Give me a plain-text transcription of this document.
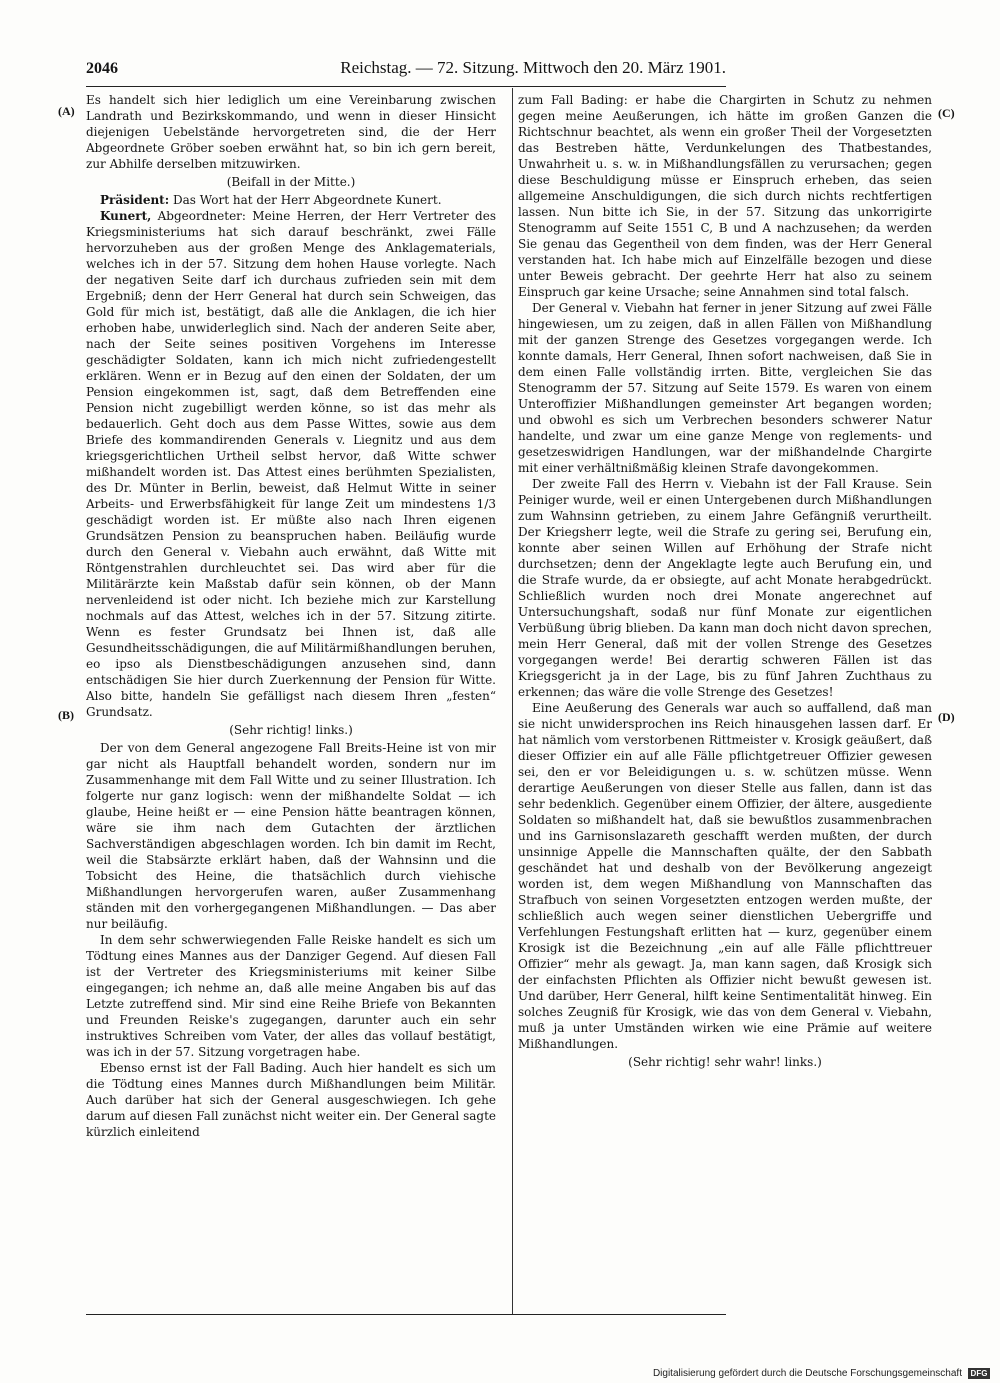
2046	Reichstag. — 72. Sitzung. Mittwoch den 20. März 1901.
(A)
(B)
(C)
(D)

Es handelt sich hier lediglich um eine Vereinbarung zwischen Landrath und Bezirkskommando, und wenn in dieser Hinsicht diejenigen Uebelstände hervorgetreten sind, die der Herr Abgeordnete Gröber soeben erwähnt hat, so bin ich gern bereit, zur Abhilfe derselben mitzuwirken.

(Beifall in der Mitte.)

Präsident: Das Wort hat der Herr Abgeordnete Kunert.

Kunert, Abgeordneter: Meine Herren, der Herr Vertreter des Kriegsministeriums hat sich darauf beschränkt, zwei Fälle hervorzuheben aus der großen Menge des Anklagematerials, welches ich in der 57. Sitzung dem hohen Hause vorlegte. Nach der negativen Seite darf ich durchaus zufrieden sein mit dem Ergebniß; denn der Herr General hat durch sein Schweigen, das Gold für mich ist, bestätigt, daß alle die Anklagen, die ich hier erhoben habe, unwiderleglich sind. Nach der anderen Seite aber, nach der Seite seines positiven Vorgehens im Interesse geschädigter Soldaten, kann ich mich nicht zufriedengestellt erklären. Wenn er in Bezug auf den einen der Soldaten, der um Pension eingekommen ist, sagt, daß dem Betreffenden eine Pension nicht zugebilligt werden könne, so ist das mehr als bedauerlich. Geht doch aus dem Passe Wittes, sowie aus dem Briefe des kommandirenden Generals v. Liegnitz und aus dem kriegsgerichtlichen Urtheil selbst hervor, daß Witte schwer mißhandelt worden ist. Das Attest eines berühmten Spezialisten, des Dr. Münter in Berlin, beweist, daß Helmut Witte in seiner Arbeits- und Erwerbsfähigkeit für lange Zeit um mindestens 1/3 geschädigt worden ist. Er müßte also nach Ihren eigenen Grundsätzen Pension zu beanspruchen haben. Beiläufig wurde durch den General v. Viebahn auch erwähnt, daß Witte mit Röntgenstrahlen durchleuchtet sei. Das wird aber für die Militärärzte kein Maßstab dafür sein können, ob der Mann nervenleidend ist oder nicht. Ich beziehe mich zur Karstellung nochmals auf das Attest, welches ich in der 57. Sitzung zitirte. Wenn es fester Grundsatz bei Ihnen ist, daß alle Gesundheitsschädigungen, die auf Militärmißhandlungen beruhen, eo ipso als Dienstbeschädigungen anzusehen sind, dann entschädigen Sie hier durch Zuerkennung der Pension für Witte. Also bitte, handeln Sie gefälligst nach diesem Ihren „festen“ Grundsatz.

(Sehr richtig! links.)

Der von dem General angezogene Fall Breits-Heine ist von mir gar nicht als Hauptfall behandelt worden, sondern nur im Zusammenhange mit dem Fall Witte und zu seiner Illustration. Ich folgerte nur ganz logisch: wenn der mißhandelte Soldat — ich glaube, Heine heißt er — eine Pension hätte beantragen können, wäre sie ihm nach dem Gutachten der ärztlichen Sachverständigen abgeschlagen worden. Ich bin damit im Recht, weil die Stabsärzte erklärt haben, daß der Wahnsinn und die Tobsicht des Heine, die thatsächlich durch viehische Mißhandlungen hervorgerufen waren, außer Zusammenhang ständen mit den vorhergegangenen Mißhandlungen. — Das aber nur beiläufig.

In dem sehr schwerwiegenden Falle Reiske handelt es sich um Tödtung eines Mannes aus der Danziger Gegend. Auf diesen Fall ist der Vertreter des Kriegsministeriums mit keiner Silbe eingegangen; ich nehme an, daß alle meine Angaben bis auf das Letzte zutreffend sind. Mir sind eine Reihe Briefe von Bekannten und Freunden Reiske's zugegangen, darunter auch ein sehr instruktives Schreiben vom Vater, der alles das vollauf bestätigt, was ich in der 57. Sitzung vorgetragen habe.

Ebenso ernst ist der Fall Bading. Auch hier handelt es sich um die Tödtung eines Mannes durch Mißhandlungen beim Militär. Auch darüber hat sich der General ausgeschwiegen. Ich gehe darum auf diesen Fall zunächst nicht weiter ein. Der General sagte kürzlich einleitend

zum Fall Bading: er habe die Chargirten in Schutz zu nehmen gegen meine Aeußerungen, ich hätte im großen Ganzen die Richtschnur beachtet, als wenn ein großer Theil der Vorgesetzten das Bestreben hätte, Verdunkelungen des Thatbestandes, Unwahrheit u. s. w. in Mißhandlungsfällen zu verursachen; gegen diese Beschuldigung müsse er Einspruch erheben, das seien allgemeine Anschuldigungen, die sich durch nichts rechtfertigen lassen. Nun bitte ich Sie, in der 57. Sitzung das unkorrigirte Stenogramm auf Seite 1551 C, B und A nachzusehen; da werden Sie genau das Gegentheil von dem finden, was der Herr General verstanden hat. Ich habe mich auf Einzelfälle bezogen und diese unter Beweis gebracht. Der geehrte Herr hat also zu seinem Einspruch gar keine Ursache; seine Annahmen sind total falsch.

Der General v. Viebahn hat ferner in jener Sitzung auf zwei Fälle hingewiesen, um zu zeigen, daß in allen Fällen von Mißhandlung mit der ganzen Strenge des Gesetzes vorgegangen werde. Ich konnte damals, Herr General, Ihnen sofort nachweisen, daß Sie in dem einen Falle vollständig irrten. Bitte, vergleichen Sie das Stenogramm der 57. Sitzung auf Seite 1579. Es waren von einem Unteroffizier Mißhandlungen gemeinster Art begangen worden; und obwohl es sich um Verbrechen besonders schwerer Natur handelte, und zwar um eine ganze Menge von reglements- und gesetzeswidrigen Handlungen, war der mißhandelnde Chargirte mit einer verhältnißmäßig kleinen Strafe davongekommen.

Der zweite Fall des Herrn v. Viebahn ist der Fall Krause. Sein Peiniger wurde, weil er einen Untergebenen durch Mißhandlungen zum Wahnsinn getrieben, zu einem Jahre Gefängniß verurtheilt. Der Kriegsherr legte, weil die Strafe zu gering sei, Berufung ein, konnte aber seinen Willen auf Erhöhung der Strafe nicht durchsetzen; denn der Angeklagte legte auch Berufung ein, und die Strafe wurde, da er obsiegte, auf acht Monate herabgedrückt. Schließlich wurden noch drei Monate angerechnet auf Untersuchungshaft, sodaß nur fünf Monate zur eigentlichen Verbüßung übrig blieben. Da kann man doch nicht davon sprechen, mein Herr General, daß mit der vollen Strenge des Gesetzes vorgegangen werde! Bei derartig schweren Fällen ist das Kriegsgericht ja in der Lage, bis zu fünf Jahren Zuchthaus zu erkennen; das wäre die volle Strenge des Gesetzes!

Eine Aeußerung des Generals war auch so auffallend, daß man sie nicht unwidersprochen ins Reich hinausgehen lassen darf. Er hat nämlich vom verstorbenen Rittmeister v. Krosigk geäußert, daß dieser Offizier ein auf alle Fälle pflichtgetreuer Offizier gewesen sei, den er vor Beleidigungen u. s. w. schützen müsse. Wenn derartige Aeußerungen von dieser Stelle aus fallen, dann ist das sehr bedenklich. Gegenüber einem Offizier, der ältere, ausgediente Soldaten so mißhandelt hat, daß sie bewußtlos zusammenbrachen und ins Garnisonslazareth geschafft werden mußten, der durch unsinnige Appelle die Mannschaften quälte, der den Sabbath geschändet hat und deshalb von der Bevölkerung angezeigt worden ist, dem wegen Mißhandlung von Mannschaften das Strafbuch von seinen Vorgesetzten entzogen werden mußte, der schließlich auch wegen seiner dienstlichen Uebergriffe und Verfehlungen Festungshaft erlitten hat — kurz, gegenüber einem Krosigk ist die Bezeichnung „ein auf alle Fälle pflichttreuer Offizier“ mehr als gewagt. Ja, man kann sagen, daß Krosigk sich der einfachsten Pflichten als Offizier nicht bewußt gewesen ist. Und darüber, Herr General, hilft keine Sentimentalität hinweg. Ein solches Zeugniß für Krosigk, wie das von dem General v. Viebahn, muß ja unter Umständen wirken wie eine Prämie auf weitere Mißhandlungen.

(Sehr richtig! sehr wahr! links.)

Digitalisierung gefördert durch die Deutsche Forschungsgemeinschaft	DFG
